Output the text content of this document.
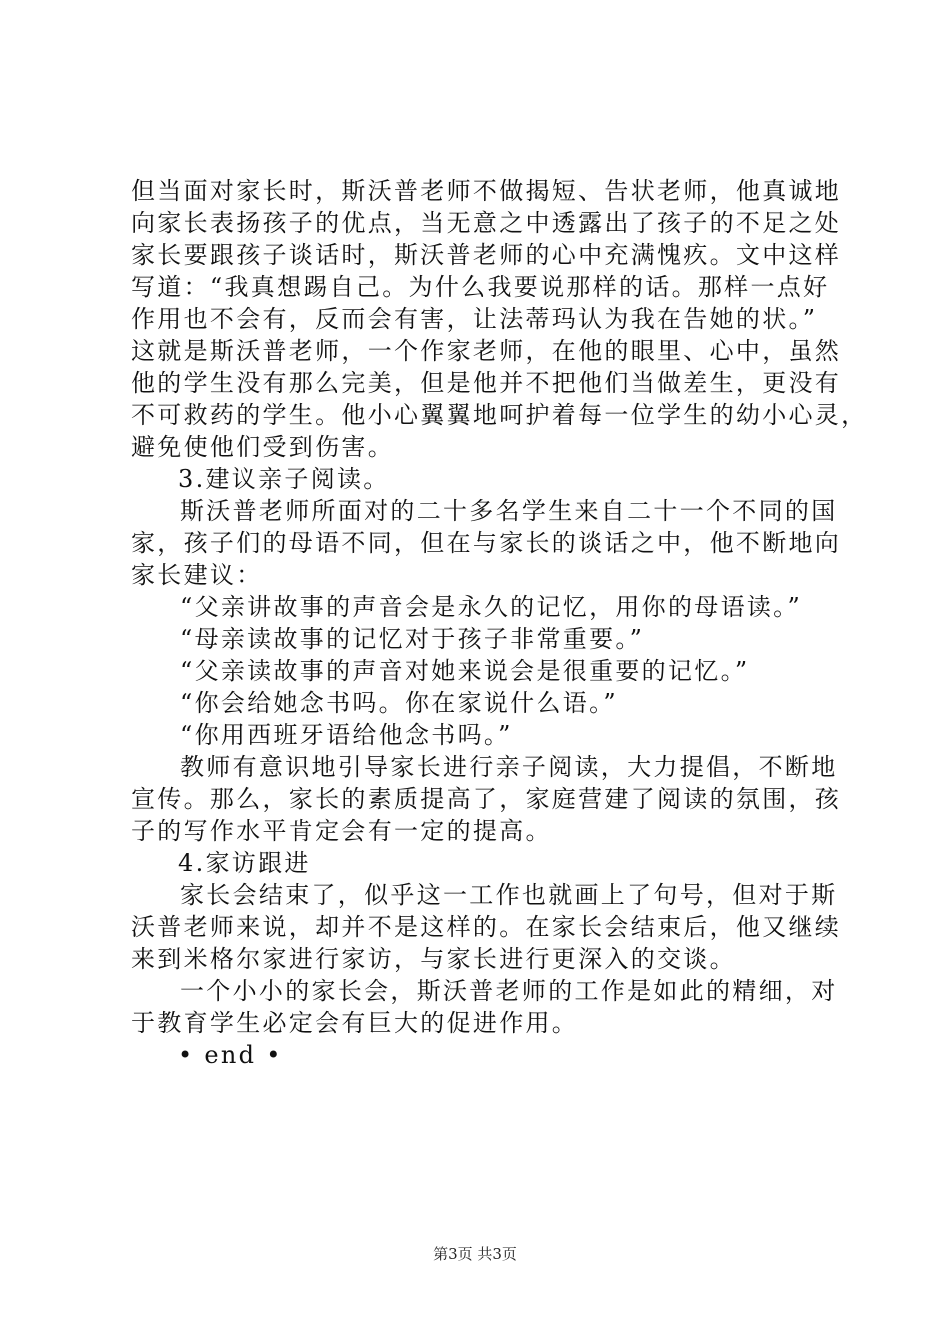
但当面对家长时，斯沃普老师不做揭短、告状老师，他真诚地
向家长表扬孩子的优点，当无意之中透露出了孩子的不足之处
家长要跟孩子谈话时，斯沃普老师的心中充满愧疚。文中这样
写道：“我真想踢自己。为什么我要说那样的话。那样一点好
作用也不会有，反而会有害，让法蒂玛认为我在告她的状。”
这就是斯沃普老师，一个作家老师，在他的眼里、心中，虽然
他的学生没有那么完美，但是他并不把他们当做差生，更没有
不可救药的学生。他小心翼翼地呵护着每一位学生的幼小心灵，
避免使他们受到伤害。
3.建议亲子阅读。
斯沃普老师所面对的二十多名学生来自二十一个不同的国
家，孩子们的母语不同，但在与家长的谈话之中，他不断地向
家长建议：
“父亲讲故事的声音会是永久的记忆，用你的母语读。”
“母亲读故事的记忆对于孩子非常重要。”
“父亲读故事的声音对她来说会是很重要的记忆。”
“你会给她念书吗。你在家说什么语。”
“你用西班牙语给他念书吗。”
教师有意识地引导家长进行亲子阅读，大力提倡，不断地
宣传。那么，家长的素质提高了，家庭营建了阅读的氛围，孩
子的写作水平肯定会有一定的提高。
4.家访跟进
家长会结束了，似乎这一工作也就画上了句号，但对于斯
沃普老师来说，却并不是这样的。在家长会结束后，他又继续
来到米格尔家进行家访，与家长进行更深入的交谈。
一个小小的家长会，斯沃普老师的工作是如此的精细，对
于教育学生必定会有巨大的促进作用。
• end •
第3页 共3页
